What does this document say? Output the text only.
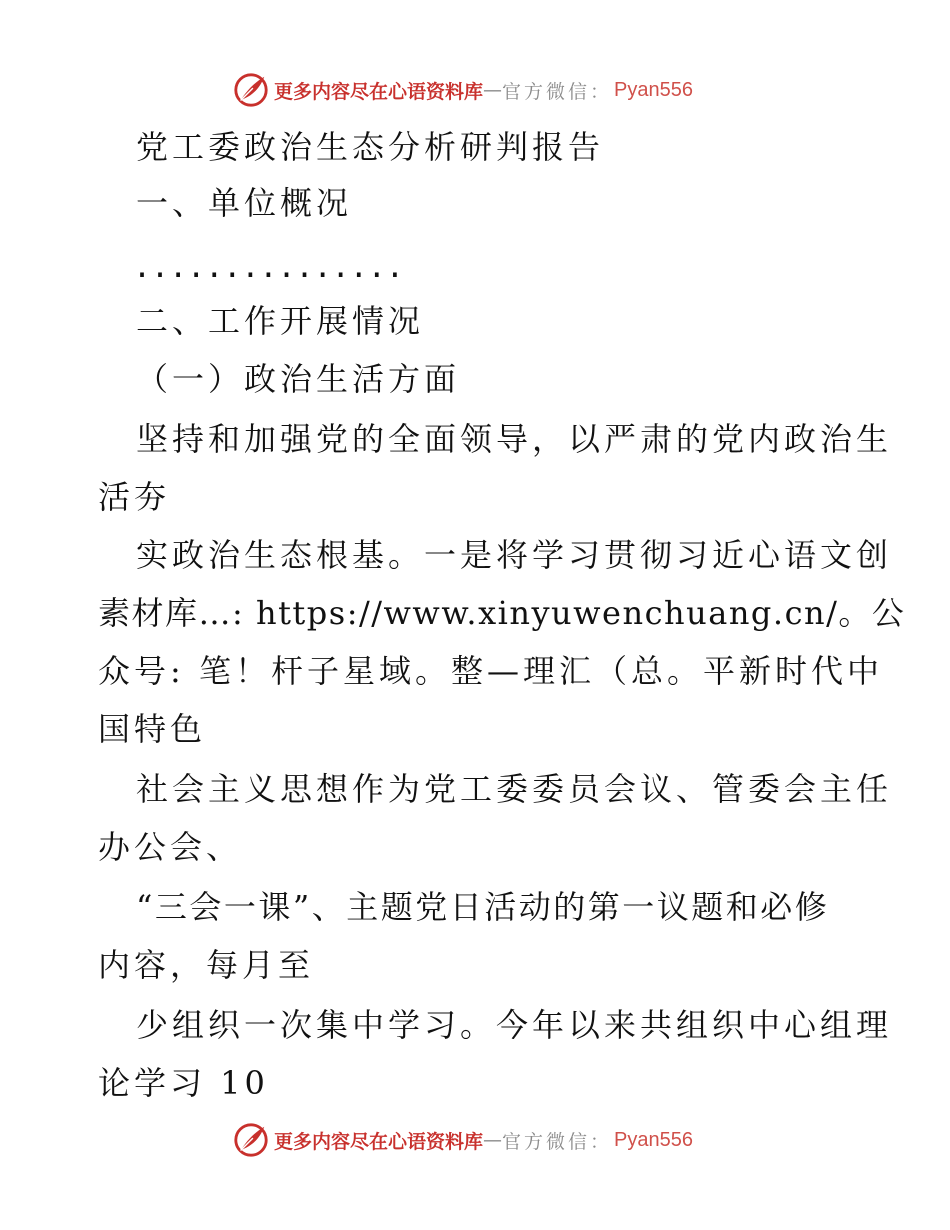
更多内容尽在心语资料库 — 官方微信： Pyan556

党工委政治生态分析研判报告

一、单位概况

...............

二、工作开展情况

（一）政治生活方面

坚持和加强党的全面领导，以严肃的党内政治生

活夯

实政治生态根基。一是将学习贯彻习近心语文创

素材库…: https://www.xinyuwenchuang.cn/。公

众号: 笔！杆子星域。整—理汇（总。平新时代中

国特色

社会主义思想作为党工委委员会议、管委会主任

办公会、

“三会一课”、主题党日活动的第一议题和必修

内容，每月至

少组织一次集中学习。今年以来共组织中心组理

论学习 10

更多内容尽在心语资料库 — 官方微信： Pyan556
